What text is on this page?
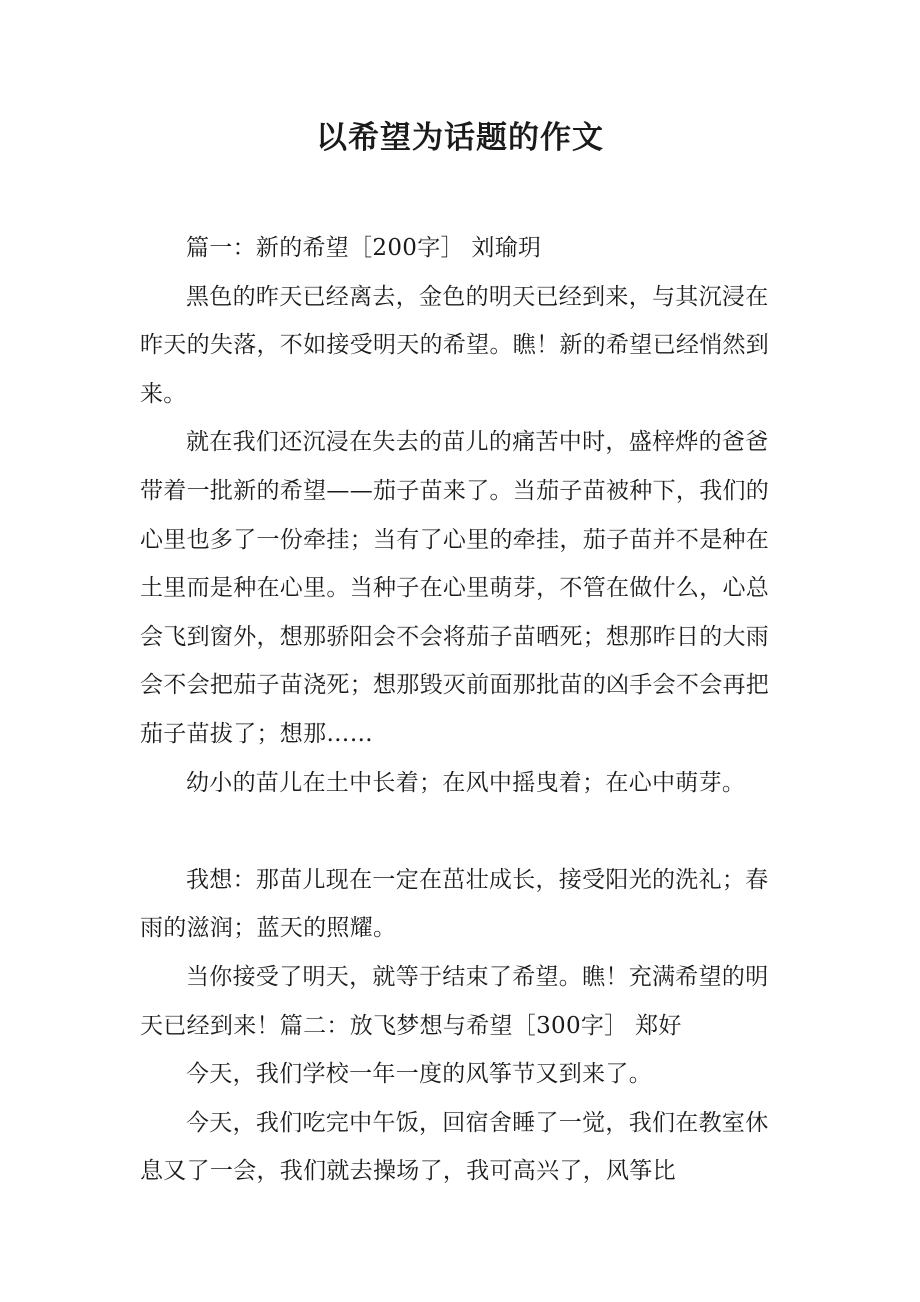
以希望为话题的作文

篇一：新的希望［200字］ 刘瑜玥

黑色的昨天已经离去，金色的明天已经到来，与其沉浸在昨天的失落，不如接受明天的希望。瞧！新的希望已经悄然到来。

就在我们还沉浸在失去的苗儿的痛苦中时，盛梓烨的爸爸带着一批新的希望——茄子苗来了。当茄子苗被种下，我们的心里也多了一份牵挂；当有了心里的牵挂，茄子苗并不是种在土里而是种在心里。当种子在心里萌芽，不管在做什么，心总会飞到窗外，想那骄阳会不会将茄子苗晒死；想那昨日的大雨会不会把茄子苗浇死；想那毁灭前面那批苗的凶手会不会再把茄子苗拔了；想那……

幼小的苗儿在土中长着；在风中摇曳着；在心中萌芽。

我想：那苗儿现在一定在茁壮成长，接受阳光的洗礼；春雨的滋润；蓝天的照耀。

当你接受了明天，就等于结束了希望。瞧！充满希望的明天已经到来！篇二：放飞梦想与希望［300字］ 郑好

今天，我们学校一年一度的风筝节又到来了。

今天，我们吃完中午饭，回宿舍睡了一觉，我们在教室休息又了一会，我们就去操场了，我可高兴了，风筝比
